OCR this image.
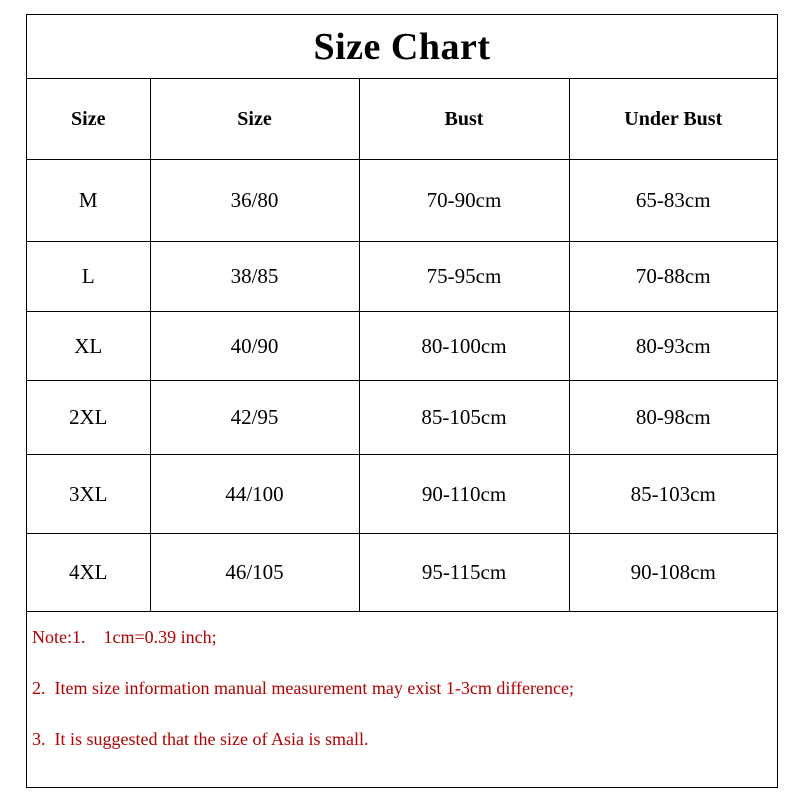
Size Chart
Size	Size	Bust	Under Bust
M	36/80	70-90cm	65-83cm
L	38/85	75-95cm	70-88cm
XL	40/90	80-100cm	80-93cm
2XL	42/95	85-105cm	80-98cm
3XL	44/100	90-110cm	85-103cm
4XL	46/105	95-115cm	90-108cm
Note:1.    1cm=0.39 inch;
2.  Item size information manual measurement may exist 1-3cm difference;
3.  It is suggested that the size of Asia is small.
